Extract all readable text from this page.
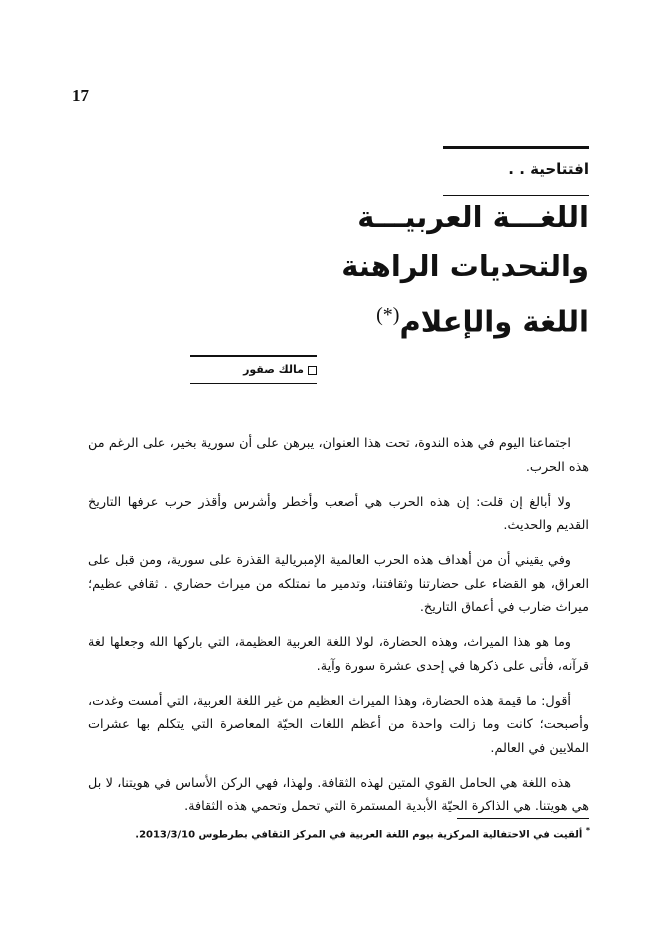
17
افتتاحية . .
اللغـــة العربيـــة
والتحديات الراهنة
اللغة والإعلام(*)
مالك صقور

اجتماعنا اليوم في هذه الندوة، تحت هذا العنوان، يبرهن على أن سورية بخير، على الرغم من هذه الحرب.

ولا أبالغ إن قلت: إن هذه الحرب هي أصعب وأخطر وأشرس وأقذر حرب عرفها التاريخ القديم والحديث.

وفي يقيني أن من أهداف هذه الحرب العالمية الإمبريالية القذرة على سورية، ومن قبل على العراق، هو القضاء على حضارتنا وثقافتنا، وتدمير ما نمتلكه من ميراث حضاري . ثقافي عظيم؛ ميراث ضارب في أعماق التاريخ.

وما هو هذا الميراث، وهذه الحضارة، لولا اللغة العربية العظيمة، التي باركها الله وجعلها لغة قرآنه، فأتى على ذكرها في إحدى عشرة سورة وآية.

أقول: ما قيمة هذه الحضارة، وهذا الميراث العظيم من غير اللغة العربية، التي أمست وغدت، وأصبحت؛ كانت وما زالت واحدة من أعظم اللغات الحيّة المعاصرة التي يتكلم بها عشرات الملايين في العالم.

هذه اللغة هي الحامل القوي المتين لهذه الثقافة. ولهذا، فهي الركن الأساس في هويتنا، لا بل هي هويتنا. هي الذاكرة الحيّة الأبدية المستمرة التي تحمل وتحمي هذه الثقافة.

* ألقيت في الاحتفالية المركزية بيوم اللغة العربية في المركز الثقافي بطرطوس 2013/3/10.
